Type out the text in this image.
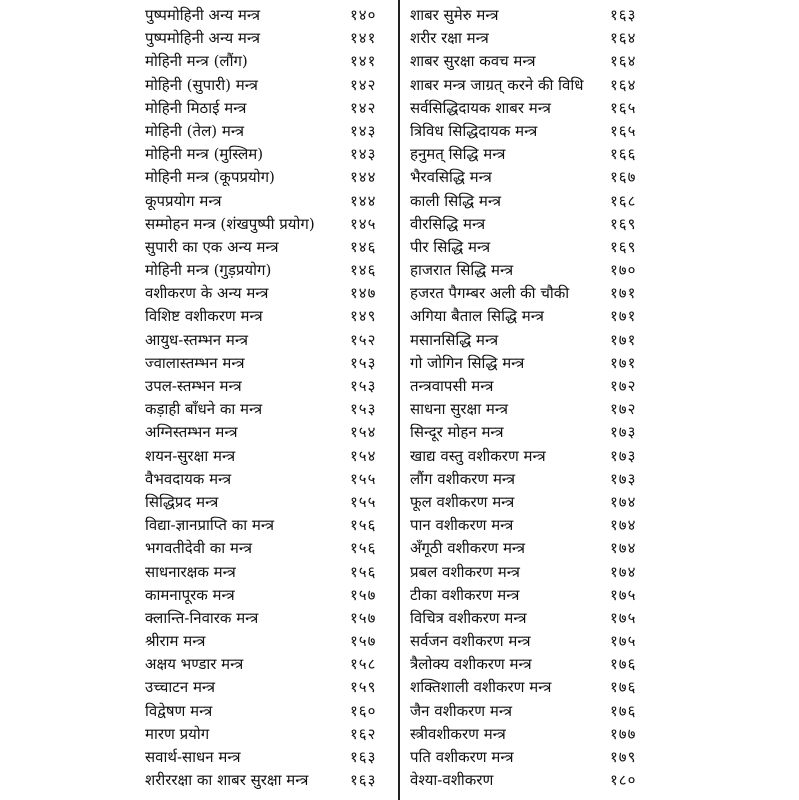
पुष्पमोहिनी अन्य मन्त्र	१४०
पुष्पमोहिनी अन्य मन्त्र	१४१
मोहिनी मन्त्र (लौंग)	१४१
मोहिनी (सुपारी) मन्त्र	१४२
मोहिनी मिठाई मन्त्र	१४२
मोहिनी (तेल) मन्त्र	१४३
मोहिनी मन्त्र (मुस्लिम)	१४३
मोहिनी मन्त्र (कूपप्रयोग)	१४४
कूपप्रयोग मन्त्र	१४४
सम्मोहन मन्त्र (शंखपुष्पी प्रयोग) १४५
सुपारी का एक अन्य मन्त्र	१४६
मोहिनी मन्त्र (गुड़प्रयोग)	१४६
वशीकरण के अन्य मन्त्र	१४७
विशिष्ट वशीकरण मन्त्र	१४९
आयुध-स्तम्भन मन्त्र	१५२
ज्वालास्तम्भन मन्त्र	१५३
उपल-स्तम्भन मन्त्र	१५३
कड़ाही बाँधने का मन्त्र	१५३
अग्निस्तम्भन मन्त्र	१५४
शयन-सुरक्षा मन्त्र	१५४
वैभवदायक मन्त्र	१५५
सिद्धिप्रद मन्त्र	१५५
विद्या-ज्ञानप्राप्ति का मन्त्र	१५६
भगवतीदेवी का मन्त्र	१५६
साधनारक्षक मन्त्र	१५६
कामनापूरक मन्त्र	१५७
क्लान्ति-निवारक मन्त्र	१५७
श्रीराम मन्त्र	१५७
अक्षय भण्डार मन्त्र	१५८
उच्चाटन मन्त्र	१५९
विद्वेषण मन्त्र	१६०
मारण प्रयोग	१६२
सवार्थ-साधन मन्त्र	१६३
शरीररक्षा का शाबर सुरक्षा मन्त्र	१६३
शाबर सुमेरु मन्त्र	१६३
शरीर रक्षा मन्त्र	१६४
शाबर सुरक्षा कवच मन्त्र	१६४
शाबर मन्त्र जाग्रत् करने की विधि १६४
सर्वसिद्धिदायक शाबर मन्त्र	१६५
त्रिविध सिद्धिदायक मन्त्र	१६५
हनुमत् सिद्धि मन्त्र	१६६
भैरवसिद्धि मन्त्र	१६७
काली सिद्धि मन्त्र	१६८
वीरसिद्धि मन्त्र	१६९
पीर सिद्धि मन्त्र	१६९
हाजरात सिद्धि मन्त्र	१७०
हजरत पैगम्बर अली की चौकी	१७१
अगिया बैताल सिद्धि मन्त्र	१७१
मसानसिद्धि मन्त्र	१७१
गो जोगिन सिद्धि मन्त्र	१७१
तन्त्रवापसी मन्त्र	१७२
साधना सुरक्षा मन्त्र	१७२
सिन्दूर मोहन मन्त्र	१७३
खाद्य वस्तु वशीकरण मन्त्र	१७३
लौंग वशीकरण मन्त्र	१७३
फूल वशीकरण मन्त्र	१७४
पान वशीकरण मन्त्र	१७४
अँगूठी वशीकरण मन्त्र	१७४
प्रबल वशीकरण मन्त्र	१७४
टीका वशीकरण मन्त्र	१७५
विचित्र वशीकरण मन्त्र	१७५
सर्वजन वशीकरण मन्त्र	१७५
त्रैलोक्य वशीकरण मन्त्र	१७६
शक्तिशाली वशीकरण मन्त्र	१७६
जैन वशीकरण मन्त्र	१७६
स्त्रीवशीकरण मन्त्र	१७७
पति वशीकरण मन्त्र	१७९
वेश्या-वशीकरण	१८०
